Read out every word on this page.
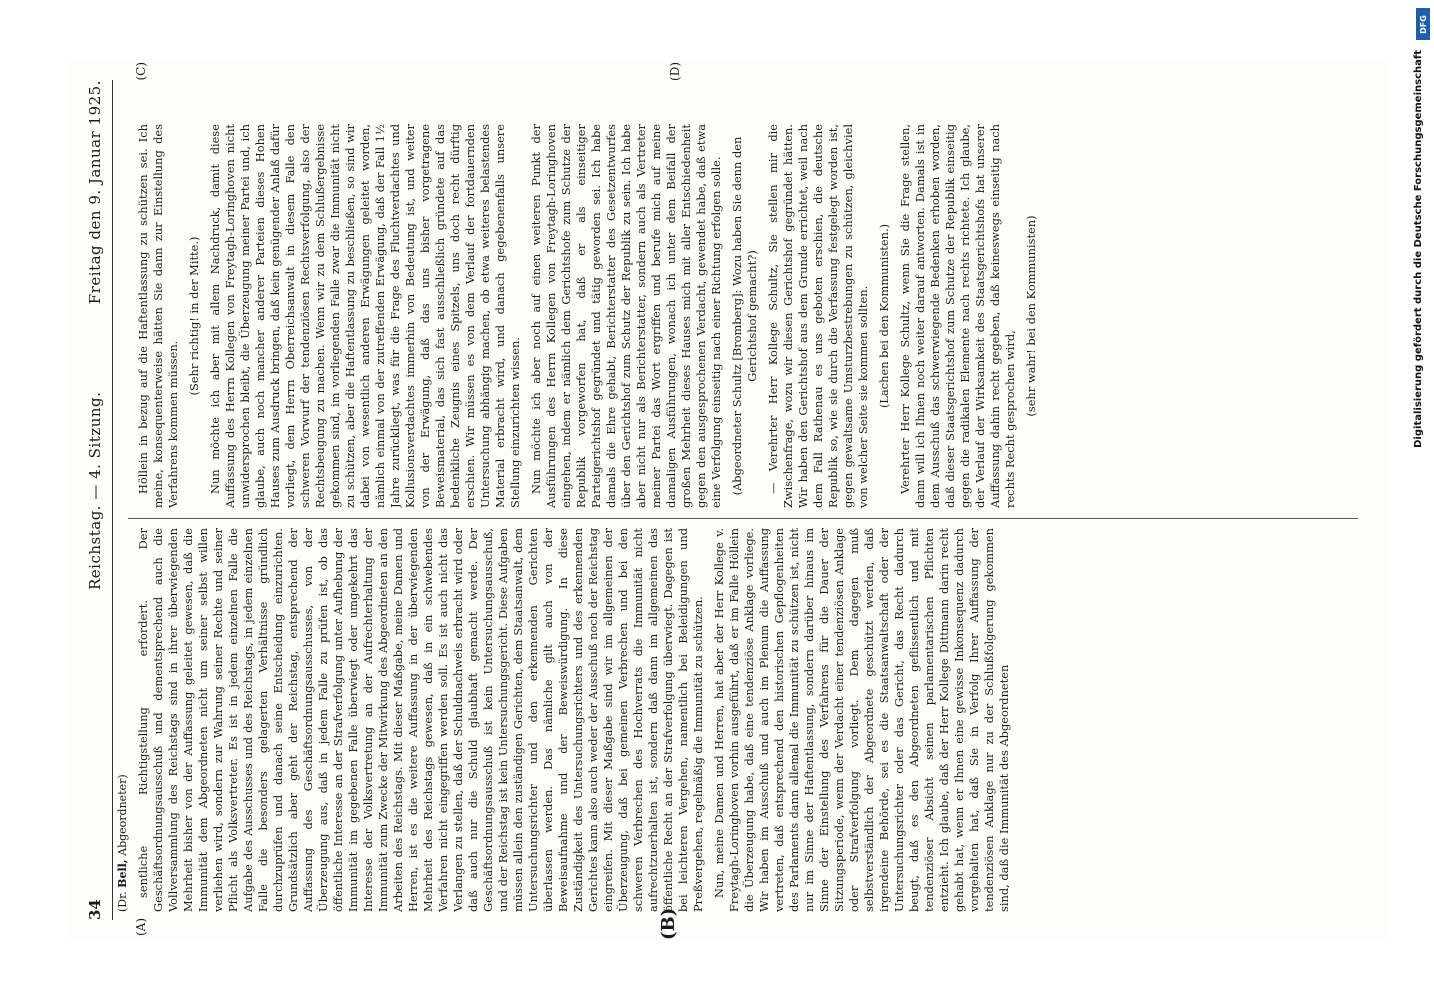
34
Reichstag. — 4. Sitzung.
Freitag den 9. Januar 1925.
(Dr. Bell, Abgeordneter)
(A)	(B)
(C)	(D)

sentliche Richtigstellung erfordert. Der Geschäftsordnungsausschuß und dementsprechend auch die Vollversammlung des Reichstags sind in ihrer überwiegenden Mehrheit bisher von der Auffassung geleitet gewesen, daß die Immunität dem Abgeordneten nicht um seiner selbst willen verliehen wird, sondern zur Wahrung seiner Rechte und seiner Pflicht als Volksvertreter. Es ist in jedem einzelnen Falle die Aufgabe des Ausschusses und des Reichstags, in jedem einzelnen Falle die besonders gelagerten Verhältnisse gründlich durchzuprüfen und danach seine Entscheidung einzurichten. Grundsätzlich aber geht der Reichstag, entsprechend der Auffassung des Geschäftsordnungsausschusses, von der Überzeugung aus, daß in jedem Falle zu prüfen ist, ob das öffentliche Interesse an der Strafverfolgung unter Aufhebung der Immunität im gegebenen Falle überwiegt oder umgekehrt das Interesse der Volksvertretung an der Aufrechterhaltung der Immunität zum Zwecke der Mitwirkung des Abgeordneten an den Arbeiten des Reichstags. Mit dieser Maßgabe, meine Damen und Herren, ist es die weitere Auffassung in der überwiegenden Mehrheit des Reichstags gewesen, daß in ein schwebendes Verfahren nicht eingegriffen werden soll. Es ist auch nicht das Verlangen zu stellen, daß der Schuldnachweis erbracht wird oder daß auch nur die Schuld glaubhaft gemacht werde. Der Geschäftsordnungsausschuß ist kein Untersuchungsausschuß, und der Reichstag ist kein Untersuchungsgericht. Diese Aufgaben müssen allein den zuständigen Gerichten, dem Staatsanwalt, dem Untersuchungsrichter und den erkennenden Gerichten überlassen werden. Das nämliche gilt auch von der Beweisaufnahme und der Beweiswürdigung. In diese Zuständigkeit des Untersuchungsrichters und des erkennenden Gerichtes kann also auch weder der Ausschuß noch der Reichstag eingreifen. Mit dieser Maßgabe sind wir im allgemeinen der Überzeugung, daß bei gemeinen Verbrechen und bei den schweren Verbrechen des Hochverrats die Immunität nicht aufrechtzuerhalten ist, sondern daß dann im allgemeinen das öffentliche Recht an der Strafverfolgung überwiegt. Dagegen ist bei leichteren Vergehen, namentlich bei Beleidigungen und Preßvergehen, regelmäßig die Immunität zu schützen. Nun, meine Damen und Herren, hat aber der Herr Kollege v. Freytagh-Loringhoven vorhin ausgeführt, daß er im Falle Höllein die Überzeugung habe, daß eine tendenziöse Anklage vorliege. Wir haben im Ausschuß und auch im Plenum die Auffassung vertreten, daß entsprechend den historischen Gepflogenheiten des Parlaments dann allemal die Immunität zu schützen ist, nicht nur im Sinne der Haftentlassung, sondern darüber hinaus im Sinne der Einstellung des Verfahrens für die Dauer der Sitzungsperiode, wenn der Verdacht einer tendenziösen Anklage oder Strafverfolgung vorliegt. Dem dagegen muß selbstverständlich der Abgeordnete geschützt werden, daß irgendeine Behörde, sei es die Staatsanwaltschaft oder der Untersuchungsrichter oder das Gericht, das Recht dadurch beugt, daß es den Abgeordneten geflissentlich und mit tendenziöser Absicht seinen parlamentarischen Pflichten entzieht. Ich glaube, daß der Herr Kollege Dittmann darin recht gehabt hat, wenn er Ihnen eine gewisse Inkonsequenz dadurch vorgehalten hat, daß Sie in Verfolg Ihrer Auffassung der tendenziösen Anklage nur zu der Schlußfolgerung gekommen sind, daß die Immunität des Abgeordneten

Höllein in bezug auf die Haftentlassung zu schützen sei. Ich meine, konsequenterweise hätten Sie dann zur Einstellung des Verfahrens kommen müssen.

(Sehr richtig! in der Mitte.) Nun möchte ich aber mit allem Nachdruck, damit diese Auffassung des Herrn Kollegen von Freytagh-Loringhoven nicht unwidersprochen bleibt, die Überzeugung meiner Partei und, ich glaube, auch noch mancher anderer Parteien dieses Hohen Hauses zum Ausdruck bringen, daß kein genügender Anlaß dafür vorliegt, dem Herrn Oberreichsanwalt in diesem Falle den schweren Vorwurf der tendenziösen Rechtsverfolgung, also der Rechtsbeugung zu machen. Wenn wir zu dem Schlußergebnisse gekommen sind, im vorliegenden Falle zwar die Immunität nicht zu schützen, aber die Haftentlassung zu beschließen, so sind wir dabei von wesentlich anderen Erwägungen geleitet worden, nämlich einmal von der zutreffenden Erwägung, daß der Fall 1½ Jahre zurückliegt, was für die Frage des Fluchtverdachtes und Kollusionsverdachtes immerhin von Bedeutung ist, und weiter von der Erwägung, daß das uns bisher vorgetragene Beweismaterial, das sich fast ausschließlich gründete auf das bedenkliche Zeugnis eines Spitzels, uns doch recht dürftig erschien. Wir müssen es von dem Verlauf der fortdauernden Untersuchung abhängig machen, ob etwa weiteres belastendes Material erbracht wird, und danach gegebenenfalls unsere Stellung einzurichten wissen. Nun möchte ich aber noch auf einen weiteren Punkt der Ausführungen des Herrn Kollegen von Freytagh-Loringhoven eingehen, indem er nämlich dem Gerichtshofe zum Schutze der Republik vorgeworfen hat, daß er als einseitiger Parteigerichtshof gegründet und tätig geworden sei. Ich habe damals die Ehre gehabt, Berichterstatter des Gesetzentwurfes über den Gerichtshof zum Schutz der Republik zu sein. Ich habe aber nicht nur als Berichterstatter, sondern auch als Vertreter meiner Partei das Wort ergriffen und berufe mich auf meine damaligen Ausführungen, wonach ich unter dem Beifall der großen Mehrheit dieses Hauses mich mit aller Entschiedenheit gegen den ausgesprochenen Verdacht, gewendet habe, daß etwa eine Verfolgung einseitig nach einer Richtung erfolgen solle. (Abgeordneter Schultz [Bromberg]: Wozu haben Sie denn den Gerichtshof gemacht?) — Verehrter Herr Kollege Schultz, Sie stellen mir die Zwischenfrage, wozu wir diesen Gerichtshof gegründet hätten. Wir haben den Gerichtshof aus dem Grunde errichtet, weil nach dem Fall Rathenau es uns geboten erschien, die deutsche Republik so, wie sie durch die Verfassung festgelegt worden ist, gegen gewaltsame Umsturzbestrebungen zu schützen, gleichviel von welcher Seite sie kommen sollten. (Lachen bei den Kommunisten.) Verehrter Herr Kollege Schultz, wenn Sie die Frage stellen, dann will ich Ihnen noch weiter darauf antworten. Damals ist in dem Ausschuß das schwerwiegende Bedenken erhoben worden, daß dieser Staatsgerichtshof zum Schutze der Republik einseitig gegen die radikalen Elemente nach rechts richtete. Ich glaube, der Verlauf der Wirksamkeit des Staatsgerichtshofs hat unserer Auffassung dahin recht gegeben, daß keineswegs einseitig nach rechts Recht gesprochen wird,

(sehr wahr! bei den Kommunisten)	Digitalisierung gefördert durch die Deutsche Forschungsgemeinschaft
DFG
